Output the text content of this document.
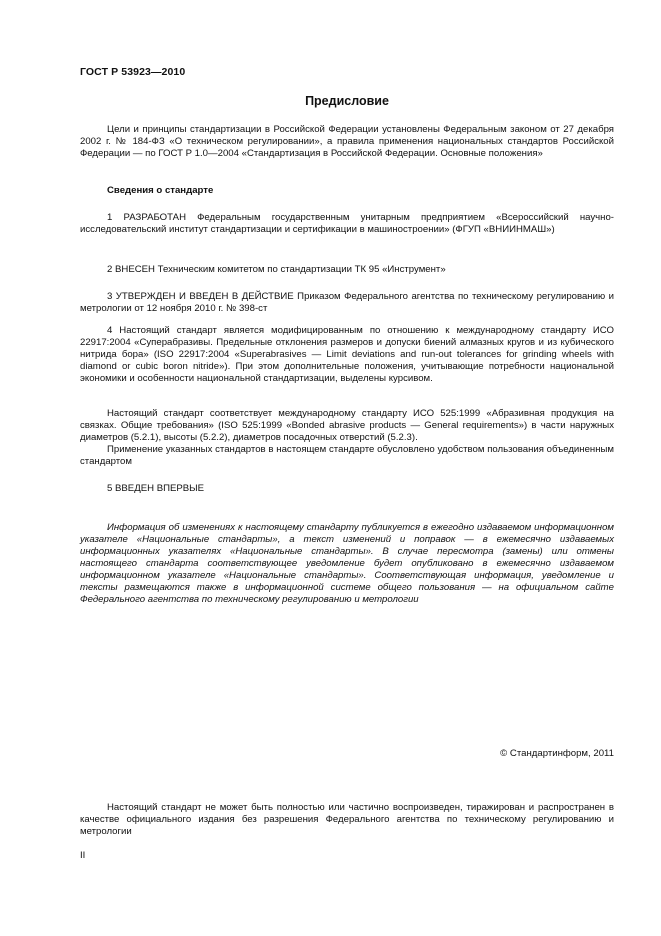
ГОСТ Р 53923—2010
Предисловие

Цели и принципы стандартизации в Российской Федерации установлены Федеральным законом от 27 декабря 2002 г. № 184-ФЗ «О техническом регулировании», а правила применения национальных стандартов Российской Федерации — по ГОСТ Р 1.0—2004 «Стандартизация в Российской Федерации. Основные положения»

Сведения о стандарте

1 РАЗРАБОТАН Федеральным государственным унитарным предприятием «Всероссийский научно-исследовательский институт стандартизации и сертификации в машиностроении» (ФГУП «ВНИИНМАШ»)

2 ВНЕСЕН Техническим комитетом по стандартизации ТК 95 «Инструмент»

3 УТВЕРЖДЕН И ВВЕДЕН В ДЕЙСТВИЕ Приказом Федерального агентства по техническому регулированию и метрологии от 12 ноября 2010 г. № 398-ст

4 Настоящий стандарт является модифицированным по отношению к международному стандарту ИСО 22917:2004 «Суперабразивы. Предельные отклонения размеров и допуски биений алмазных кругов и из кубического нитрида бора» (ISO 22917:2004 «Superabrasives — Limit deviations and run-out tolerances for grinding wheels with diamond or cubic boron nitride»). При этом дополнительные положения, учитывающие потребности национальной экономики и особенности национальной стандартизации, выделены курсивом.

Настоящий стандарт соответствует международному стандарту ИСО 525:1999 «Абразивная продукция на связках. Общие требования» (ISO 525:1999 «Bonded abrasive products — General requirements») в части наружных диаметров (5.2.1), высоты (5.2.2), диаметров посадочных отверстий (5.2.3).

Применение указанных стандартов в настоящем стандарте обусловлено удобством пользования объединенным стандартом

5 ВВЕДЕН ВПЕРВЫЕ

Информация об изменениях к настоящему стандарту публикуется в ежегодно издаваемом информационном указателе «Национальные стандарты», а текст изменений и поправок — в ежемесячно издаваемых информационных указателях «Национальные стандарты». В случае пересмотра (замены) или отмены настоящего стандарта соответствующее уведомление будет опубликовано в ежемесячно издаваемом информационном указателе «Национальные стандарты». Соответствующая информация, уведомление и тексты размещаются также в информационной системе общего пользования — на официальном сайте Федерального агентства по техническому регулированию и метрологии

© Стандартинформ, 2011

Настоящий стандарт не может быть полностью или частично воспроизведен, тиражирован и распространен в качестве официального издания без разрешения Федерального агентства по техническому регулированию и метрологии

II
